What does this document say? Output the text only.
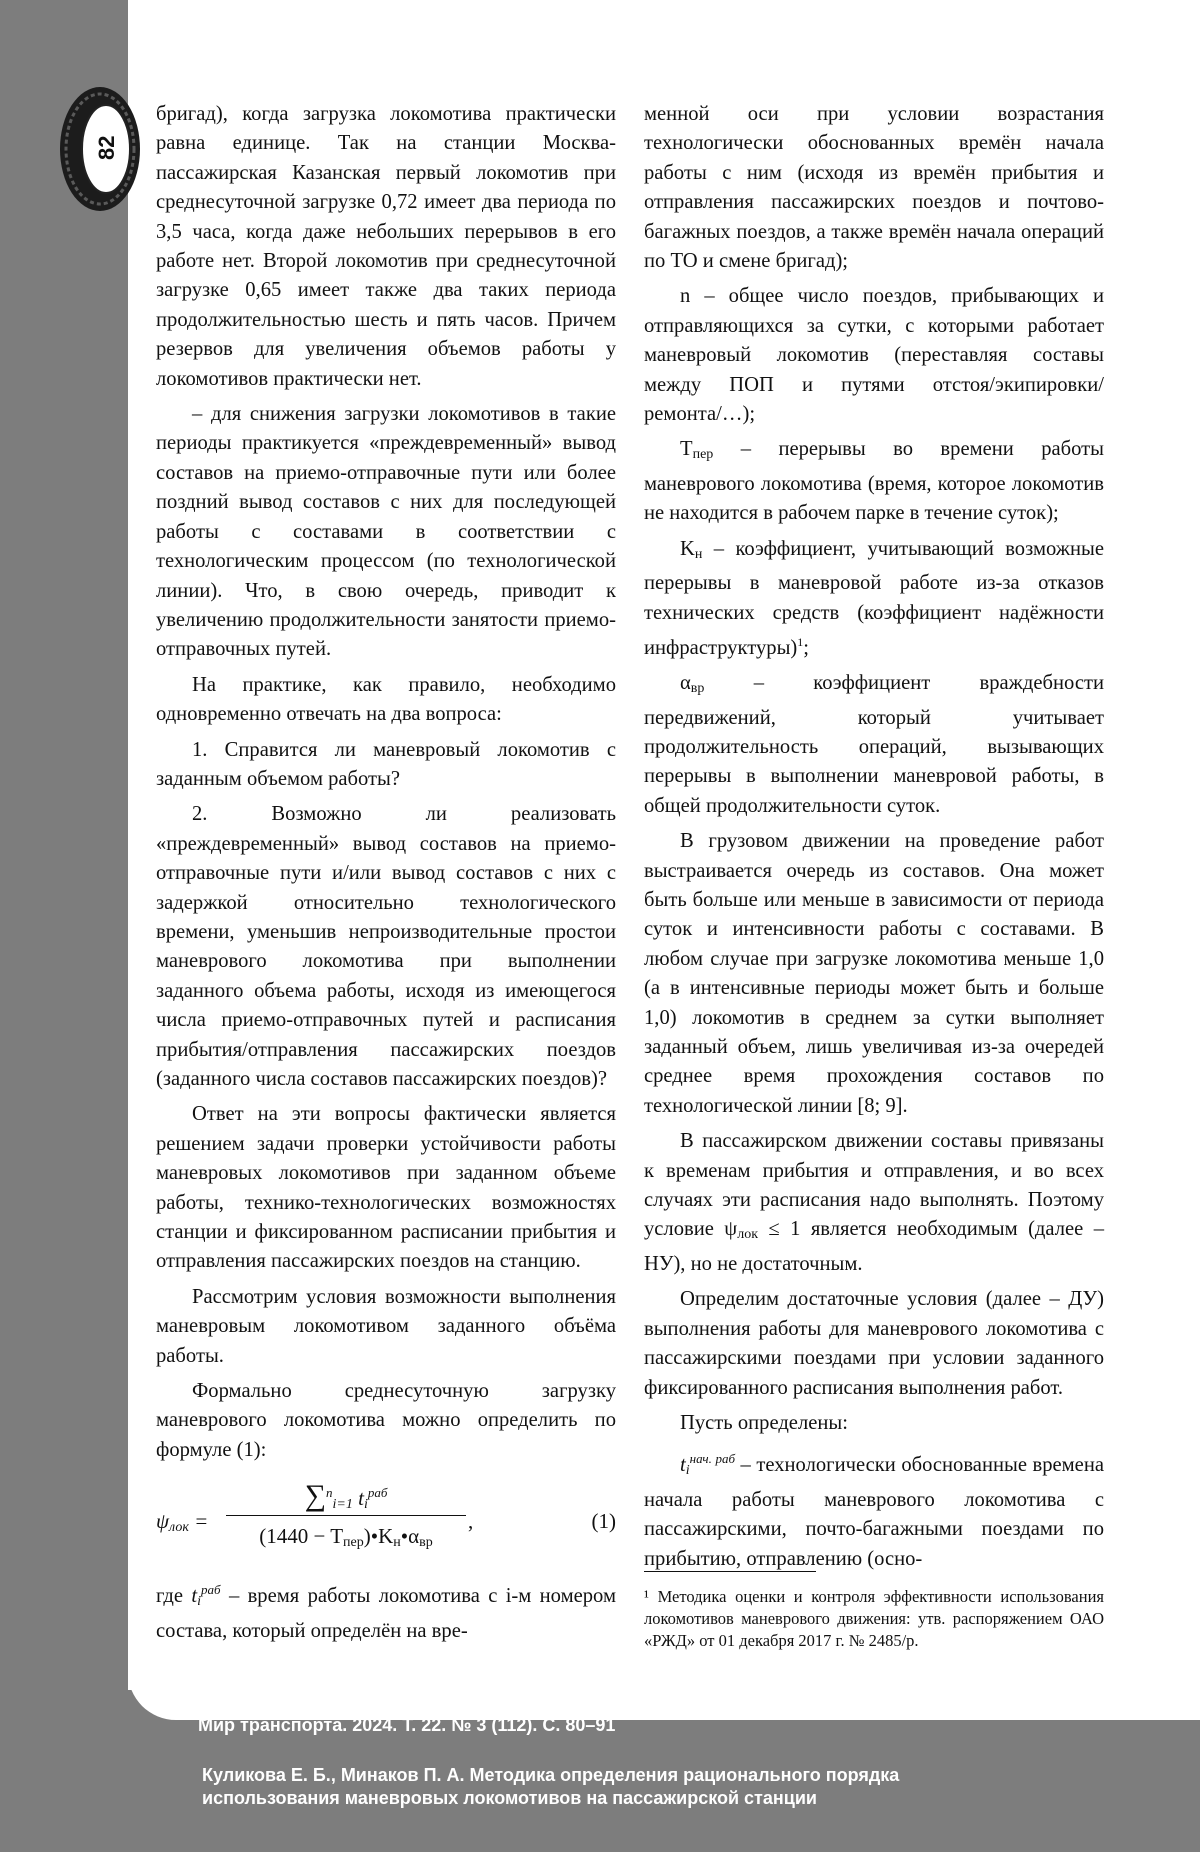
82

бригад), когда загрузка локомотива практически равна единице. Так на станции Москва-пассажирская Казанская первый локомотив при среднесуточной загрузке 0,72 имеет два периода по 3,5 часа, когда даже небольших перерывов в его работе нет. Второй локомотив при среднесуточной загрузке 0,65 имеет также два таких периода продолжительностью шесть и пять часов. Причем резервов для увеличения объемов работы у локомотивов практически нет.

– для снижения загрузки локомотивов в такие периоды практикуется «преждевременный» вывод составов на приемо-отправочные пути или более поздний вывод составов с них для последующей работы с составами в соответствии с технологическим процессом (по технологической линии). Что, в свою очередь, приводит к увеличению продолжительности занятости приемо-отправочных путей.

На практике, как правило, необходимо одновременно отвечать на два вопроса:

1. Справится ли маневровый локомотив с заданным объемом работы?

2. Возможно ли реализовать «преждевременный» вывод составов на приемо-отправочные пути и/или вывод составов с них с задержкой относительно технологического времени, уменьшив непроизводительные простои маневрового локомотива при выполнении заданного объема работы, исходя из имеющегося числа приемо-отправочных путей и расписания прибытия/отправления пассажирских поездов (заданного числа составов пассажирских поездов)?

Ответ на эти вопросы фактически является решением задачи проверки устойчивости работы маневровых локомотивов при заданном объеме работы, технико-технологических возможностях станции и фиксированном расписании прибытия и отправления пассажирских поездов на станцию.

Рассмотрим условия возможности выполнения маневровым локомотивом заданного объёма работы.

Формально среднесуточную загрузку маневрового локомотива можно определить по формуле (1):

ψлок =
∑$^n$i=1 $ti^{раб}$
(1440 − Tпер)•Kн•αвр
,	(1)

где $ti^{раб}$ – время работы локомотива с i-м номером состава, который определён на вре-

менной оси при условии возрастания технологически обоснованных времён начала работы с ним (исходя из времён прибытия и отправления пассажирских поездов и почтово-багажных поездов, а также времён начала операций по ТО и смене бригад);

n – общее число поездов, прибывающих и отправляющихся за сутки, с которыми работает маневровый локомотив (переставляя составы между ПОП и путями отстоя/экипировки/ремонта/…);

Tпер – перерывы во времени работы маневрового локомотива (время, которое локомотив не находится в рабочем парке в течение суток);

Kн – коэффициент, учитывающий возможные перерывы в маневровой работе из-за отказов технических средств (коэффициент надёжности инфраструктуры)$^1$;

αвр – коэффициент враждебности передвижений, который учитывает продолжительность операций, вызывающих перерывы в выполнении маневровой работы, в общей продолжительности суток.

В грузовом движении на проведение работ выстраивается очередь из составов. Она может быть больше или меньше в зависимости от периода суток и интенсивности работы с составами. В любом случае при загрузке локомотива меньше 1,0 (а в интенсивные периоды может быть и больше 1,0) локомотив в среднем за сутки выполняет заданный объем, лишь увеличивая из-за очередей среднее время прохождения составов по технологической линии [8; 9].

В пассажирском движении составы привязаны к временам прибытия и отправления, и во всех случаях эти расписания надо выполнять. Поэтому условие ψлок ≤ 1 является необходимым (далее – НУ), но не достаточным.

Определим достаточные условия (далее – ДУ) выполнения работы для маневрового локомотива с пассажирскими поездами при условии заданного фиксированного расписания выполнения работ.

Пусть определены:

$ti^{нач. раб}$ – технологически обоснованные времена начала работы маневрового локомотива с пассажирскими, почто-багажными поездами по прибытию, отправлению (осно-

¹ Методика оценки и контроля эффективности использования локомотивов маневрового движения: утв. распоряжением ОАО «РЖД» от 01 декабря 2017 г. № 2485/р.
Мир транспорта. 2024. Т. 22. № 3 (112). С. 80–91
Куликова Е. Б., Минаков П. А. Методика определения рационального порядка
использования маневровых локомотивов на пассажирской станции
